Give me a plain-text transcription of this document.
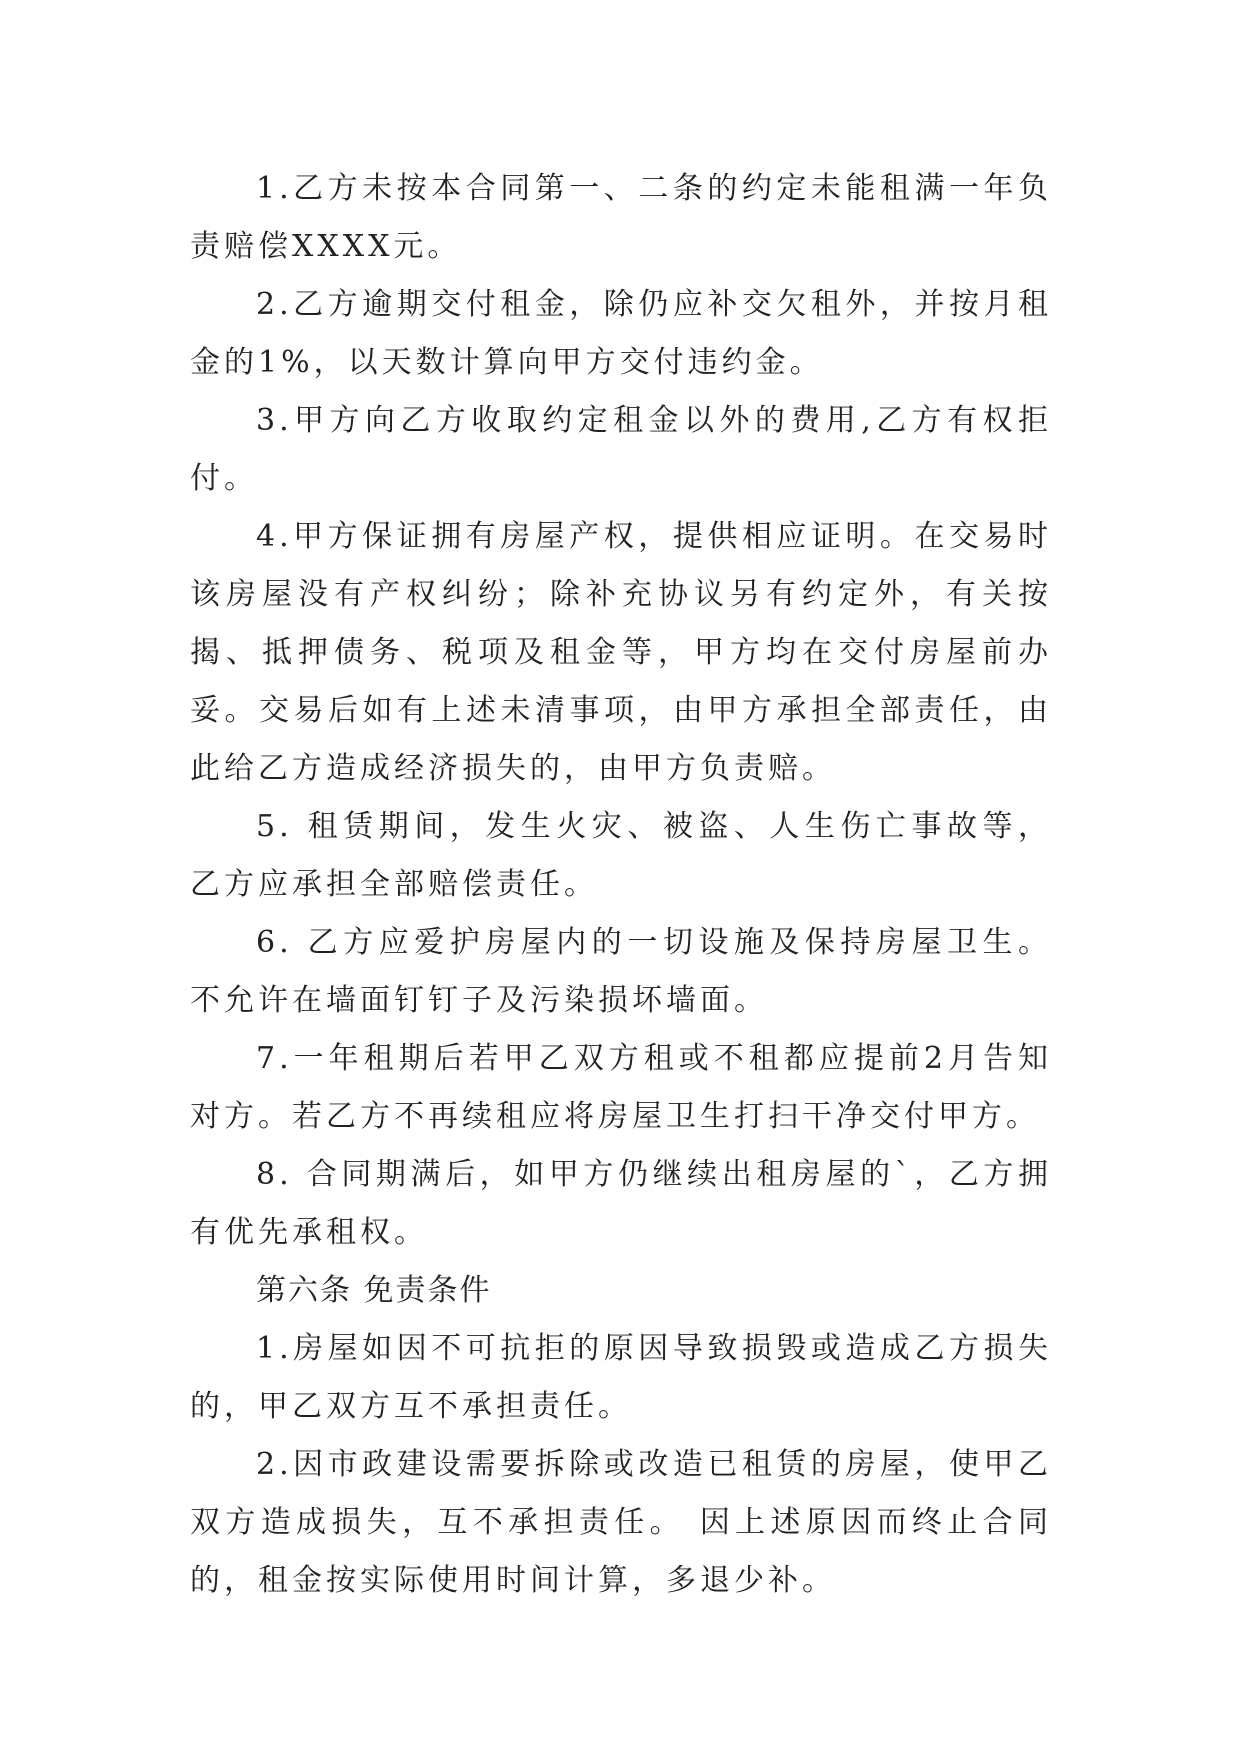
1.乙方未按本合同第一、二条的约定未能租满一年负责赔偿XXXX元。

2.乙方逾期交付租金，除仍应补交欠租外，并按月租金的1%，以天数计算向甲方交付违约金。

3.甲方向乙方收取约定租金以外的费用,乙方有权拒付。

4.甲方保证拥有房屋产权，提供相应证明。在交易时该房屋没有产权纠纷；除补充协议另有约定外，有关按揭、抵押债务、税项及租金等，甲方均在交付房屋前办妥。交易后如有上述未清事项，由甲方承担全部责任，由此给乙方造成经济损失的，由甲方负责赔。

5. 租赁期间，发生火灾、被盗、人生伤亡事故等，乙方应承担全部赔偿责任。

6. 乙方应爱护房屋内的一切设施及保持房屋卫生。不允许在墙面钉钉子及污染损坏墙面。

7.一年租期后若甲乙双方租或不租都应提前2月告知对方。若乙方不再续租应将房屋卫生打扫干净交付甲方。

8. 合同期满后，如甲方仍继续出租房屋的`，乙方拥有优先承租权。

第六条 免责条件

1.房屋如因不可抗拒的原因导致损毁或造成乙方损失的，甲乙双方互不承担责任。

2.因市政建设需要拆除或改造已租赁的房屋，使甲乙双方造成损失，互不承担责任。 因上述原因而终止合同的，租金按实际使用时间计算，多退少补。
